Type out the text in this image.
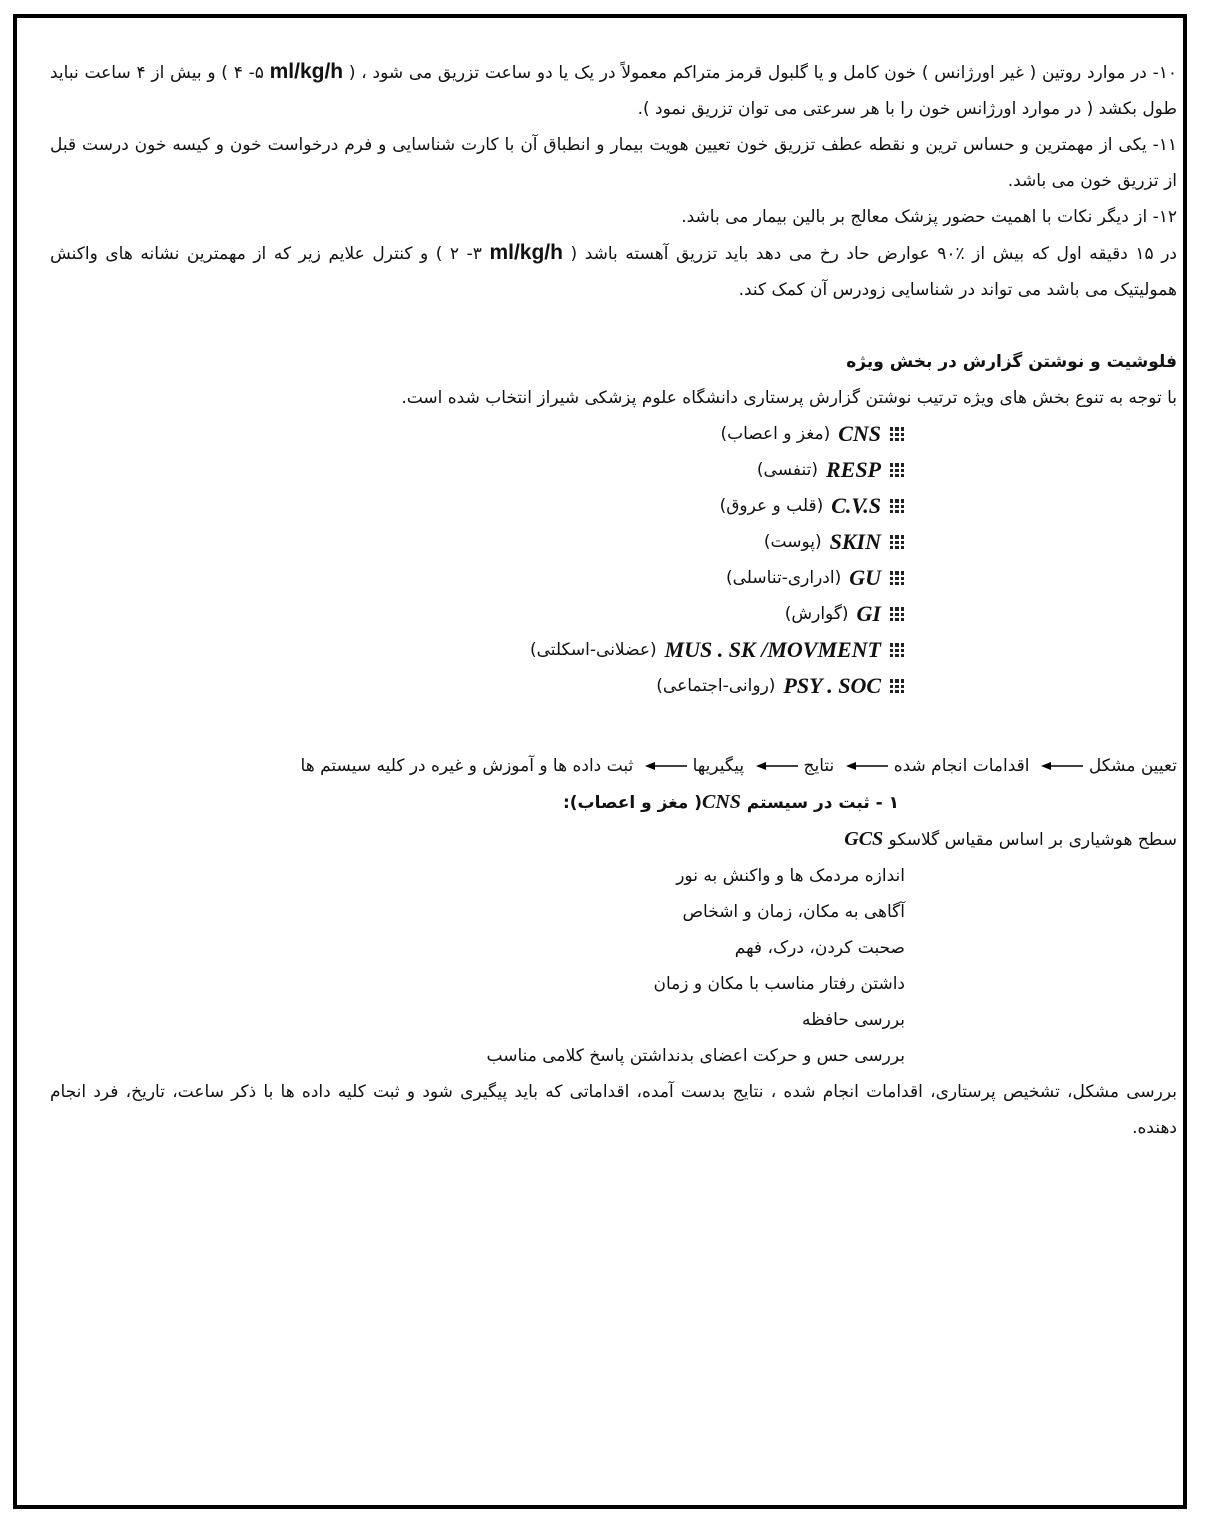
۱۰- در موارد روتین ( غیر اورژانس ) خون کامل و یا گلبول قرمز متراکم معمولاً در یک یا دو ساعت تزریق می شود ، ( ml/kg/h ۵- ۴ ) و بیش از ۴ ساعت نباید طول بکشد ( در موارد اورژانس خون را با هر سرعتی می توان تزریق نمود ).

۱۱- یکی از مهمترین و حساس ترین و نقطه عطف تزریق خون تعیین هویت بیمار و انطباق آن با کارت شناسایی و فرم درخواست خون و کیسه خون درست قبل از تزریق خون می باشد.

۱۲- از دیگر نکات با اهمیت حضور پزشک معالج بر بالین بیمار می باشد.

در ۱۵ دقیقه اول که بیش از ٪۹۰ عوارض حاد رخ می دهد باید تزریق آهسته باشد ( ml/kg/h ۳- ۲ ) و کنترل علایم زیر که از مهمترین نشانه های واکنش همولیتیک می باشد می تواند در شناسایی زودرس آن کمک کند.

فلوشیت و نوشتن گزارش در بخش ویژه
با توجه به تنوع بخش های ویژه ترتیب نوشتن گزارش پرستاری دانشگاه علوم پزشکی شیراز انتخاب شده است.
CNS
(مغز و اعصاب)
RESP
(تنفسی)
C.V.S
(قلب و عروق)
SKIN
(پوست)
GU
(ادراری-تناسلی)
GI
(گوارش)
MUS . SK /MOVMENT
(عضلانی-اسکلتی)
PSY . SOC
(روانی-اجتماعی)
تعیین مشکل اقدامات انجام شده نتایج پیگیریها ثبت داده ها و آموزش و غیره در کلیه سیستم ها
۱ - ثبت در سیستم CNS( مغز و اعصاب):
سطح هوشیاری بر اساس مقیاس گلاسکو GCS
اندازه مردمک ها و واکنش به نور
آگاهی به مکان، زمان و اشخاص
صحبت کردن، درک، فهم
داشتن رفتار مناسب با مکان و زمان
بررسی حافظه
بررسی حس و حرکت اعضای بدنداشتن پاسخ کلامی مناسب
بررسی مشکل، تشخیص پرستاری، اقدامات انجام شده ، نتایج بدست آمده، اقداماتی که باید پیگیری شود و ثبت کلیه داده ها با ذکر ساعت، تاریخ، فرد انجام دهنده.
